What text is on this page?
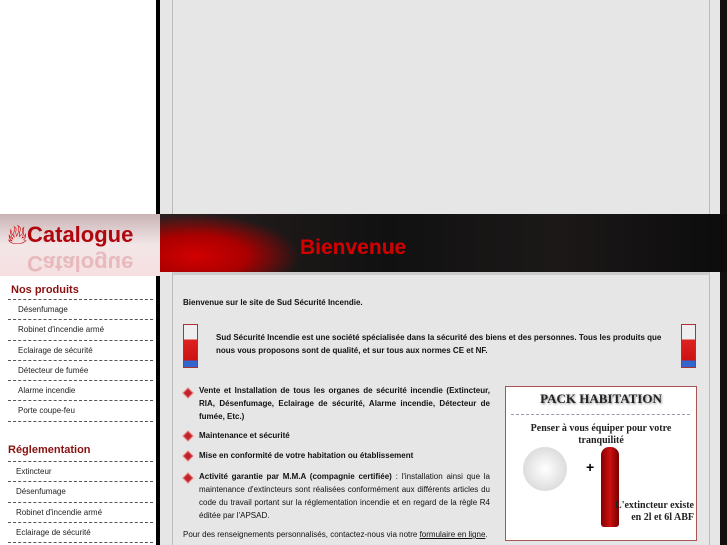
🔥︎ Catalogue
Catalogue
Bienvenue
Nos produits
Désenfumage
Robinet d'incendie armé
Eclairage de sécurité
Détecteur de fumée
Alarme incendie
Porte coupe-feu
Réglementation
Extincteur
Désenfumage
Robinet d'incendie armé
Eclairage de sécurité
Bienvenue sur le site de Sud Sécurité Incendie.
Sud Sécurité Incendie est une société spécialisée dans la sécurité des biens et des personnes. Tous les produits que nous vous proposons sont de qualité, et sur tous aux normes CE et NF.
Vente et Installation de tous les organes de sécurité incendie (Extincteur, RIA, Désenfumage, Eclairage de sécurité, Alarme incendie, Détecteur de fumée, Etc.)
Maintenance et sécurité
Mise en conformité de votre habitation ou établissement
Activité garantie par M.M.A (compagnie certifiée) : l'installation ainsi que la maintenance d'extincteurs sont réalisées conformément aux différents articles du code du travail portant sur la réglementation incendie et en regard de la règle R4 éditée par l'APSAD.
Pour des renseignements personnalisés, contactez-nous via notre formulaire en ligne.
PACK HABITATION
Penser à vous équiper pour votre tranquilité
+
L'extincteur existe en 2l et 6l ABF
